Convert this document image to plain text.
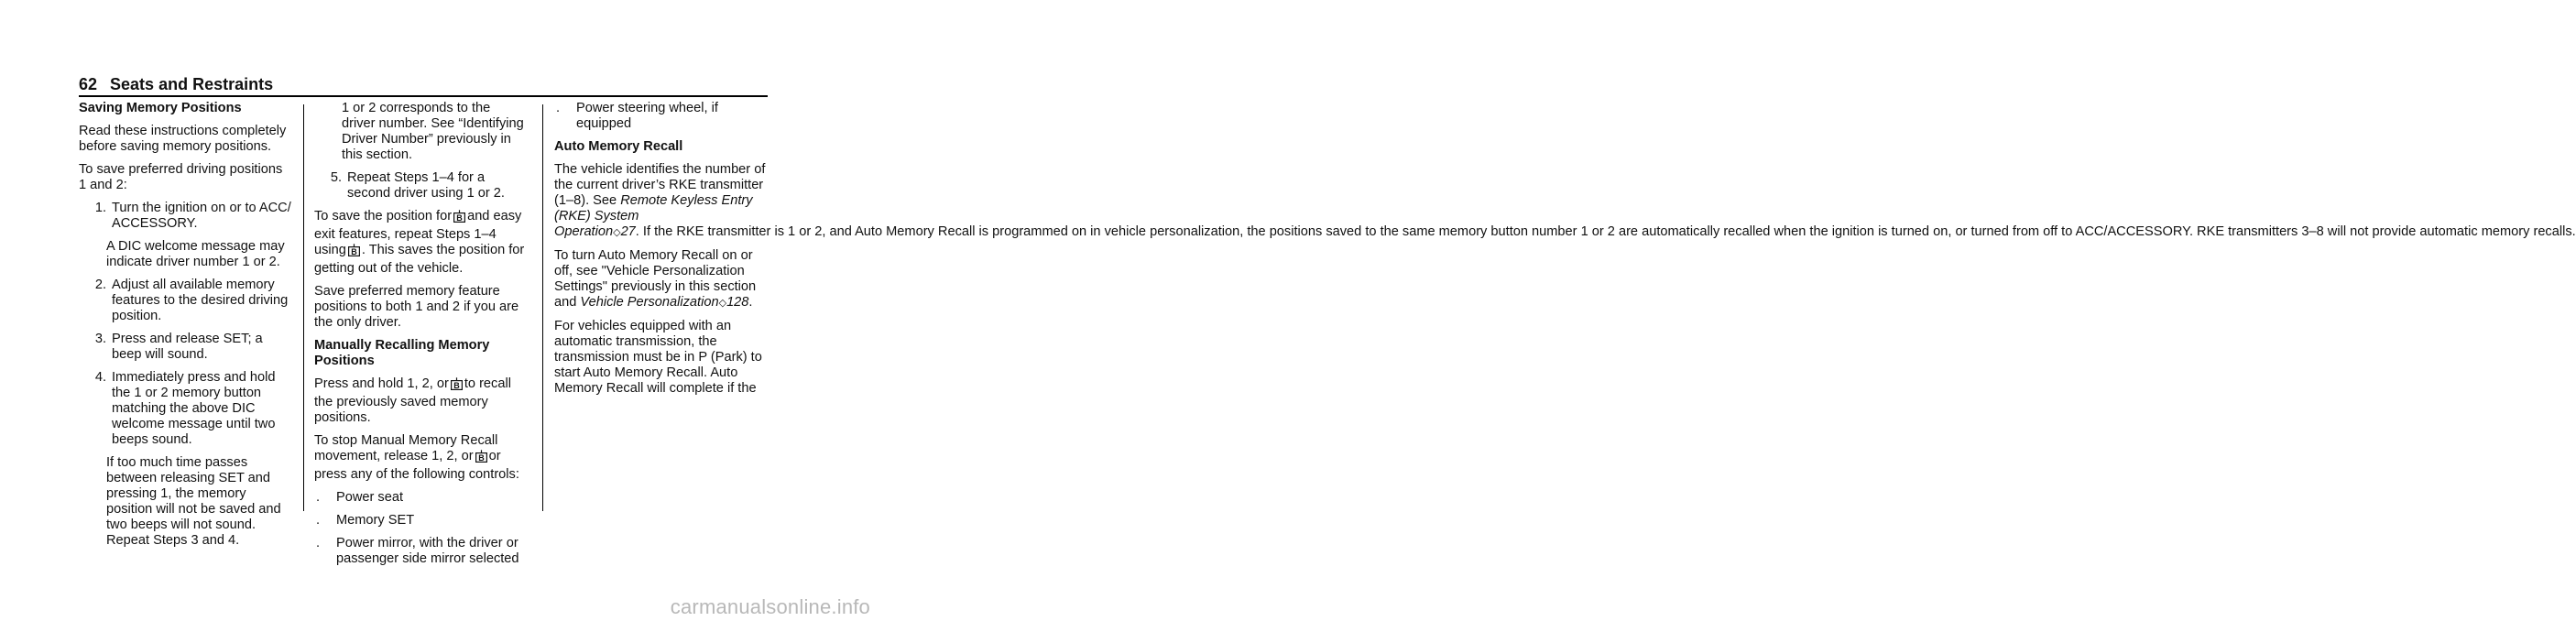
62 Seats and Restraints
Saving Memory Positions

Read these instructions completely before saving memory positions.

To save preferred driving positions 1 and 2:

1. Turn the ignition on or to ACC/ ACCESSORY.

A DIC welcome message may indicate driver number 1 or 2.

2. Adjust all available memory features to the desired driving position.
3. Press and release SET; a beep will sound.
4. Immediately press and hold the 1 or 2 memory button matching the above DIC welcome message until two beeps sound.

If too much time passes between releasing SET and pressing 1, the memory position will not be saved and two beeps will not sound. Repeat Steps 3 and 4.

1 or 2 corresponds to the driver number. See “Identifying Driver Number” previously in this section.

5. Repeat Steps 1–4 for a second driver using 1 or 2.

To save the position for B and easy exit features, repeat Steps 1–4 using B . This saves the position for getting out of the vehicle.

Save preferred memory feature positions to both 1 and 2 if you are the only driver.

Manually Recalling Memory Positions

Press and hold 1, 2, or B to recall the previously saved memory positions.

To stop Manual Memory Recall movement, release 1, 2, or B or press any of the following controls:

.	Power seat
.	Memory SET
.	Power mirror, with the driver or passenger side mirror selected
.	Power steering wheel, if equipped
Auto Memory Recall

The vehicle identifies the number of the current driver’s RKE transmitter (1–8). See Remote Keyless Entry (RKE) System Operation◇27. If the RKE transmitter is 1 or 2, and Auto Memory Recall is programmed on in vehicle personalization, the positions saved to the same memory button number 1 or 2 are automatically recalled when the ignition is turned on, or turned from off to ACC/ACCESSORY. RKE transmitters 3–8 will not provide automatic memory recalls.

To turn Auto Memory Recall on or off, see "Vehicle Personalization Settings" previously in this section and Vehicle Personalization◇128.

For vehicles equipped with an automatic transmission, the transmission must be in P (Park) to start Auto Memory Recall. Auto Memory Recall will complete if the

carmanualsonline.info
